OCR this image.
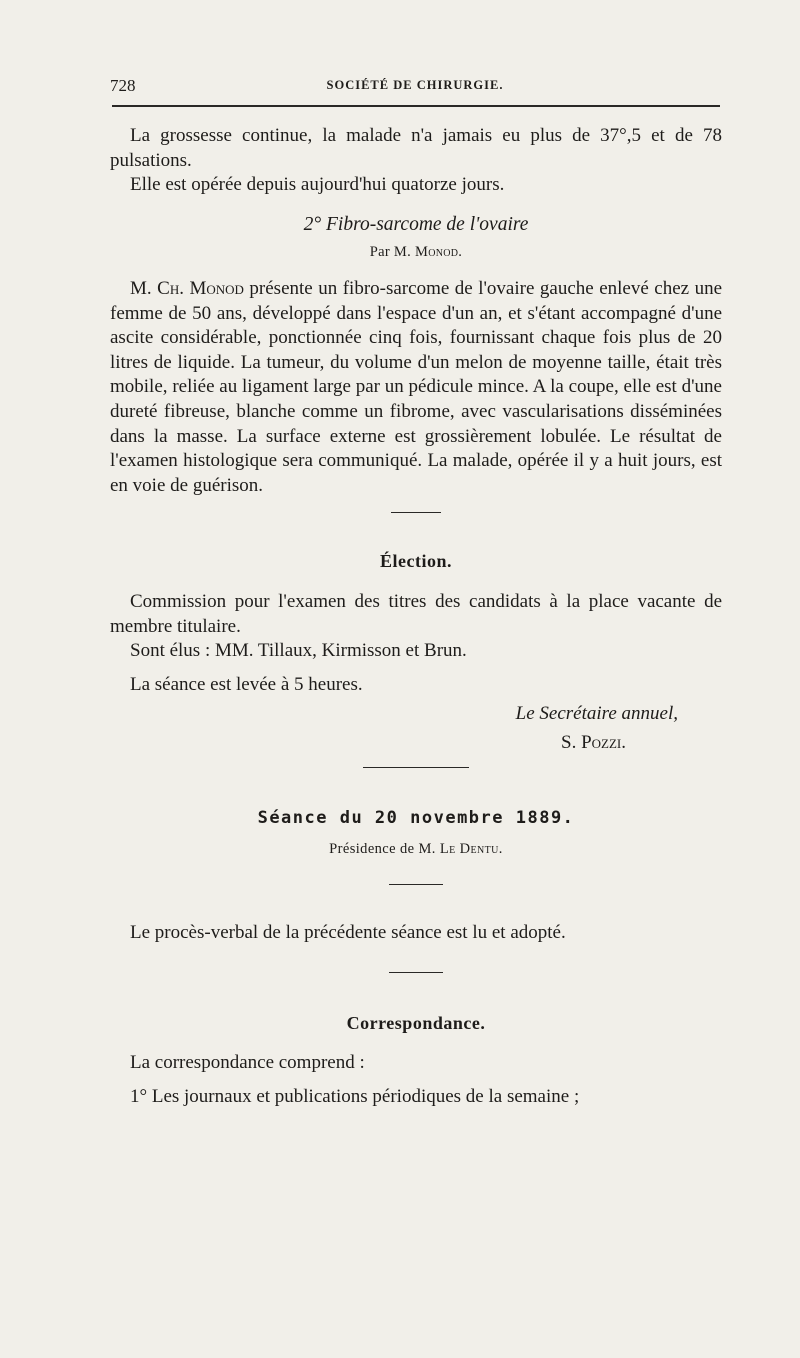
728	SOCIÉTÉ DE CHIRURGIE.

La grossesse continue, la malade n'a jamais eu plus de 37°,5 et de 78 pulsations.

Elle est opérée depuis aujourd'hui quatorze jours.

2° Fibro-sarcome de l'ovaire

Par M. Monod.

M. Ch. Monod présente un fibro-sarcome de l'ovaire gauche enlevé chez une femme de 50 ans, développé dans l'espace d'un an, et s'étant accompagné d'une ascite considérable, ponctionnée cinq fois, fournissant chaque fois plus de 20 litres de liquide. La tumeur, du volume d'un melon de moyenne taille, était très mobile, reliée au ligament large par un pédicule mince. A la coupe, elle est d'une dureté fibreuse, blanche comme un fibrome, avec vascularisations disséminées dans la masse. La surface externe est grossièrement lobulée. Le résultat de l'examen histologique sera communiqué. La malade, opérée il y a huit jours, est en voie de guérison.

Élection.

Commission pour l'examen des titres des candidats à la place vacante de membre titulaire.

Sont élus : MM. Tillaux, Kirmisson et Brun.

La séance est levée à 5 heures.

Le Secrétaire annuel,

S. Pozzi.

Séance du 20 novembre 1889.

Présidence de M. Le Dentu.

Le procès-verbal de la précédente séance est lu et adopté.

Correspondance.

La correspondance comprend :

1° Les journaux et publications périodiques de la semaine ;
